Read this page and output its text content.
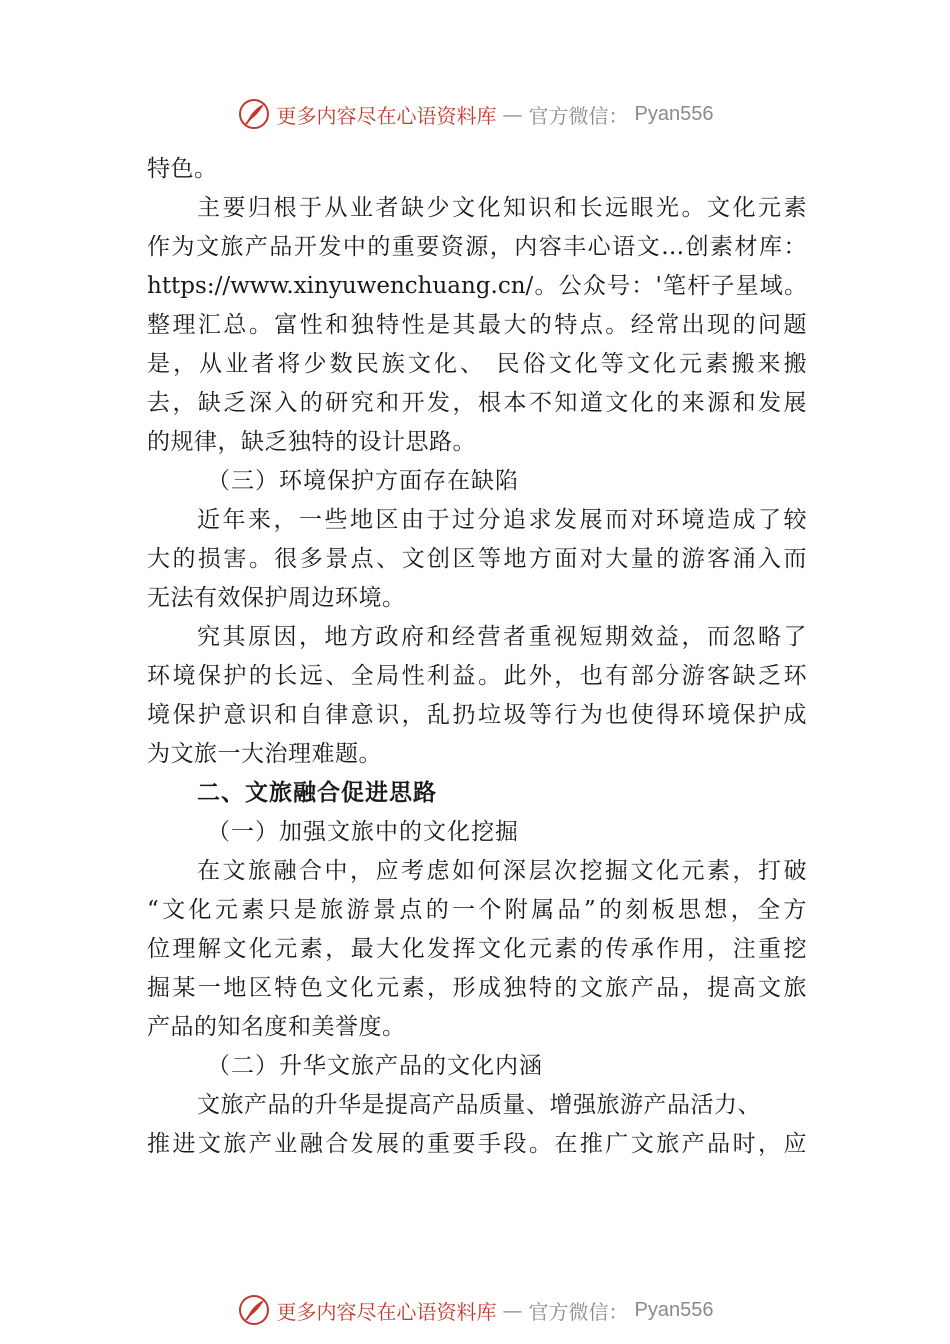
更多内容尽在心语资料库 — 官方微信： Pyan556
特色。
主要归根于从业者缺少文化知识和长远眼光。文化元素
作为文旅产品开发中的重要资源，内容丰心语文…创素材库：
https://www.xinyuwenchuang.cn/。公众号：'笔杆子星域。
整理汇总。富性和独特性是其最大的特点。经常出现的问题
是，从业者将少数民族文化、 民俗文化等文化元素搬来搬
去，缺乏深入的研究和开发，根本不知道文化的来源和发展
的规律，缺乏独特的设计思路。
（三）环境保护方面存在缺陷
近年来，一些地区由于过分追求发展而对环境造成了较
大的损害。很多景点、文创区等地方面对大量的游客涌入而
无法有效保护周边环境。
究其原因，地方政府和经营者重视短期效益，而忽略了
环境保护的长远、全局性利益。此外，也有部分游客缺乏环
境保护意识和自律意识，乱扔垃圾等行为也使得环境保护成
为文旅一大治理难题。
二、文旅融合促进思路
（一）加强文旅中的文化挖掘
在文旅融合中，应考虑如何深层次挖掘文化元素，打破
“文化元素只是旅游景点的一个附属品”的刻板思想，全方
位理解文化元素，最大化发挥文化元素的传承作用，注重挖
掘某一地区特色文化元素，形成独特的文旅产品，提高文旅
产品的知名度和美誉度。
（二）升华文旅产品的文化内涵
文旅产品的升华是提高产品质量、增强旅游产品活力、
推进文旅产业融合发展的重要手段。在推广文旅产品时，应
更多内容尽在心语资料库 — 官方微信： Pyan556
